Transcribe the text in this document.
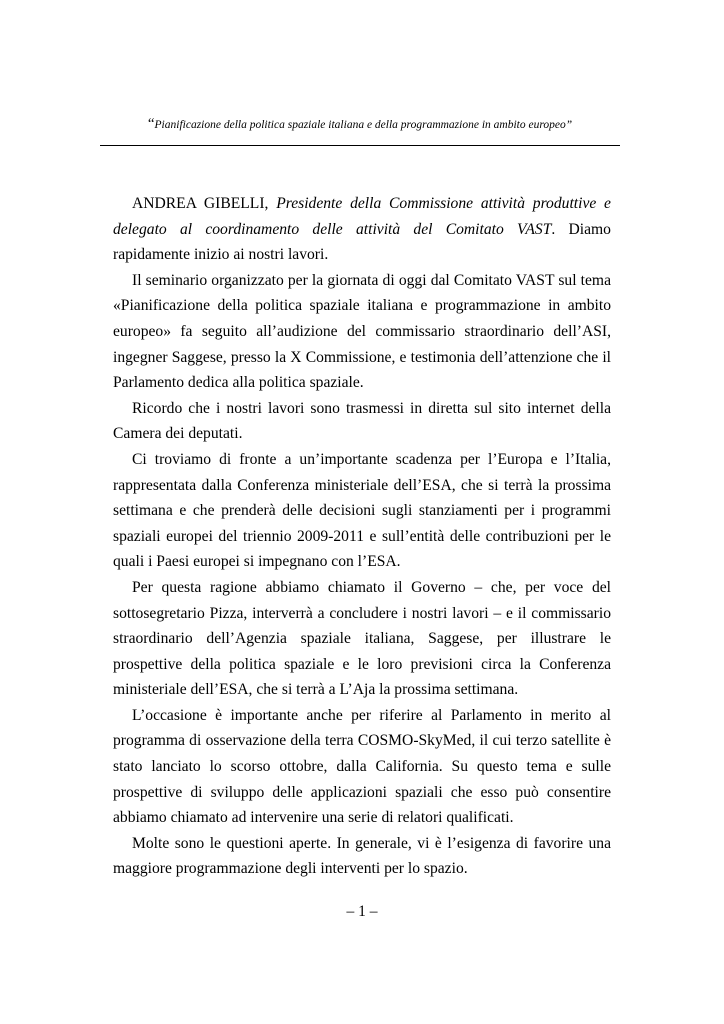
“Pianificazione della politica spaziale italiana e della programmazione in ambito europeo”

ANDREA GIBELLI, Presidente della Commissione attività produttive e delegato al coordinamento delle attività del Comitato VAST. Diamo rapidamente inizio ai nostri lavori.

Il seminario organizzato per la giornata di oggi dal Comitato VAST sul tema «Pianificazione della politica spaziale italiana e programmazione in ambito europeo» fa seguito all’audizione del commissario straordinario dell’ASI, ingegner Saggese, presso la X Commissione, e testimonia dell’attenzione che il Parlamento dedica alla politica spaziale.

Ricordo che i nostri lavori sono trasmessi in diretta sul sito internet della Camera dei deputati.

Ci troviamo di fronte a un’importante scadenza per l’Europa e l’Italia, rappresentata dalla Conferenza ministeriale dell’ESA, che si terrà la prossima settimana e che prenderà delle decisioni sugli stanziamenti per i programmi spaziali europei del triennio 2009-2011 e sull’entità delle contribuzioni per le quali i Paesi europei si impegnano con l’ESA.

Per questa ragione abbiamo chiamato il Governo – che, per voce del sottosegretario Pizza, interverrà a concludere i nostri lavori – e il commissario straordinario dell’Agenzia spaziale italiana, Saggese, per illustrare le prospettive della politica spaziale e le loro previsioni circa la Conferenza ministeriale dell’ESA, che si terrà a L’Aja la prossima settimana.

L’occasione è importante anche per riferire al Parlamento in merito al programma di osservazione della terra COSMO-SkyMed, il cui terzo satellite è stato lanciato lo scorso ottobre, dalla California. Su questo tema e sulle prospettive di sviluppo delle applicazioni spaziali che esso può consentire abbiamo chiamato ad intervenire una serie di relatori qualificati.

Molte sono le questioni aperte. In generale, vi è l’esigenza di favorire una maggiore programmazione degli interventi per lo spazio.

– 1 –
